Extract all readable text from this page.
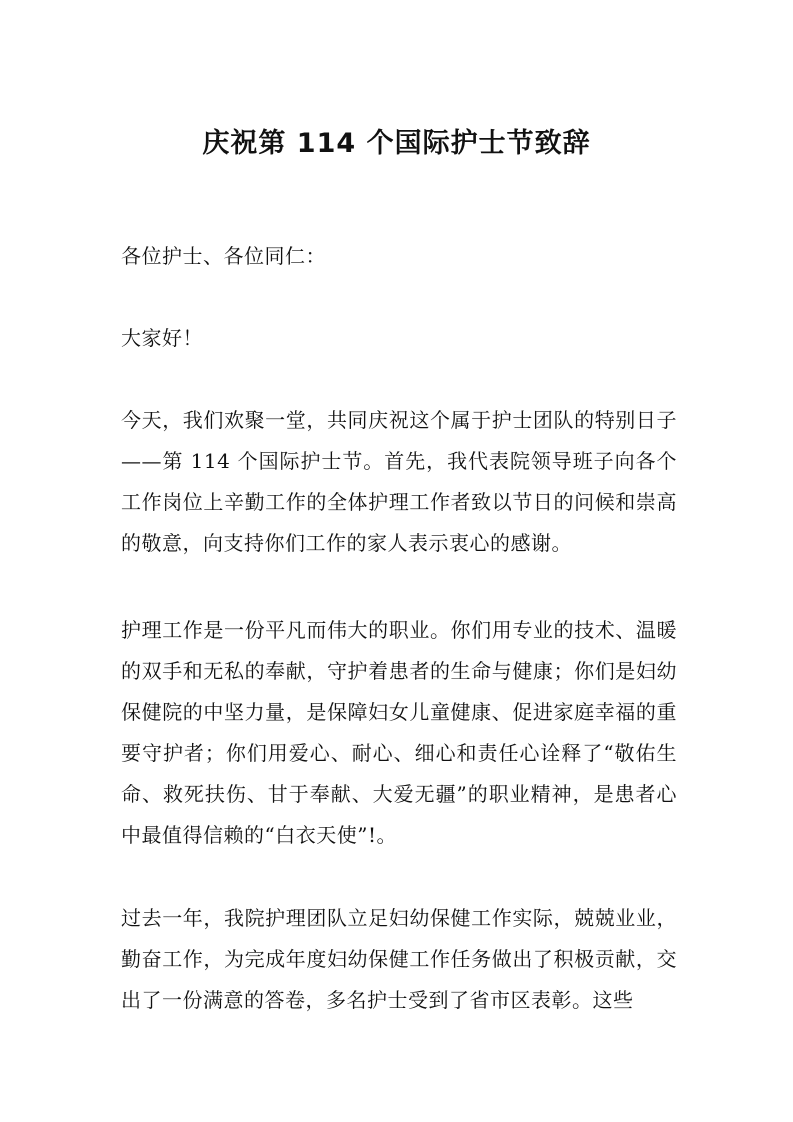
庆祝第 114 个国际护士节致辞

各位护士、各位同仁：

大家好！

今天，我们欢聚一堂，共同庆祝这个属于护士团队的特别日子——第 114 个国际护士节。首先，我代表院领导班子向各个工作岗位上辛勤工作的全体护理工作者致以节日的问候和崇高的敬意，向支持你们工作的家人表示衷心的感谢。

护理工作是一份平凡而伟大的职业。你们用专业的技术、温暖的双手和无私的奉献，守护着患者的生命与健康；你们是妇幼保健院的中坚力量，是保障妇女儿童健康、促进家庭幸福的重要守护者；你们用爱心、耐心、细心和责任心诠释了“敬佑生命、救死扶伤、甘于奉献、大爱无疆”的职业精神，是患者心中最值得信赖的“白衣天使”!。

过去一年，我院护理团队立足妇幼保健工作实际，兢兢业业，勤奋工作，为完成年度妇幼保健工作任务做出了积极贡献，交出了一份满意的答卷，多名护士受到了省市区表彰。这些
